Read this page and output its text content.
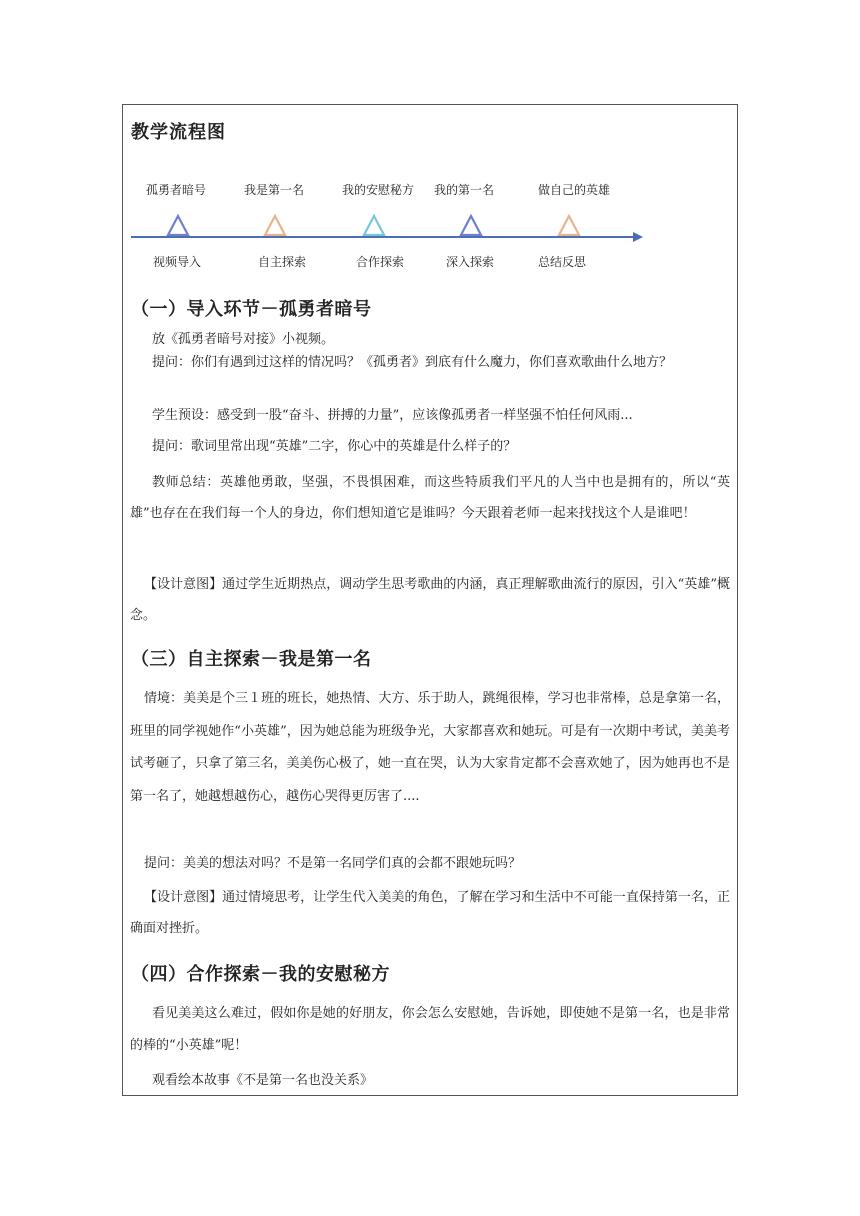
教学流程图
孤勇者暗号	我是第一名	我的安慰秘方 我的第一名	做自己的英雄
视频导入	自主探索	合作探索	深入探索	总结反思
（一）导入环节－孤勇者暗号
放《孤勇者暗号对接》小视频。
提问：你们有遇到过这样的情况吗？《孤勇者》到底有什么魔力，你们喜欢歌曲什么地方？
学生预设：感受到一股“奋斗、拼搏的力量”，应该像孤勇者一样坚强不怕任何风雨...
提问：歌词里常出现“英雄”二字，你心中的英雄是什么样子的？
教师总结：英雄他勇敢，坚强，不畏惧困难，而这些特质我们平凡的人当中也是拥有的，所以“英雄”也存在在我们每一个人的身边，你们想知道它是谁吗？今天跟着老师一起来找找这个人是谁吧！
【设计意图】通过学生近期热点，调动学生思考歌曲的内涵，真正理解歌曲流行的原因，引入“英雄”概念。
（三）自主探索－我是第一名
情境：美美是个三１班的班长，她热情、大方、乐于助人，跳绳很棒，学习也非常棒，总是拿第一名，班里的同学视她作“小英雄”，因为她总能为班级争光，大家都喜欢和她玩。可是有一次期中考试，美美考试考砸了，只拿了第三名，美美伤心极了，她一直在哭，认为大家肯定都不会喜欢她了，因为她再也不是第一名了，她越想越伤心，越伤心哭得更厉害了....
提问：美美的想法对吗？不是第一名同学们真的会都不跟她玩吗？
【设计意图】通过情境思考，让学生代入美美的角色，了解在学习和生活中不可能一直保持第一名，正确面对挫折。
（四）合作探索－我的安慰秘方
看见美美这么难过，假如你是她的好朋友，你会怎么安慰她，告诉她，即使她不是第一名，也是非常的棒的“小英雄”呢！
观看绘本故事《不是第一名也没关系》
